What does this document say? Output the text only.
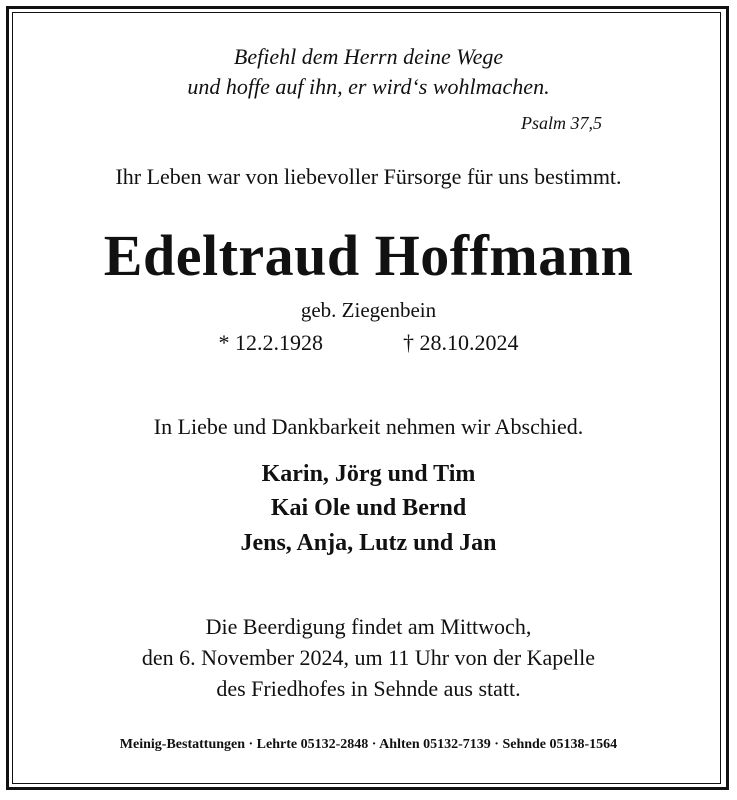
Befiehl dem Herrn deine Wege
und hoffe auf ihn, er wird‘s wohlmachen.
Psalm 37,5
Ihr Leben war von liebevoller Fürsorge für uns bestimmt.
Edeltraud Hoffmann
geb. Ziegenbein
* 12.2.1928	† 28.10.2024
In Liebe und Dankbarkeit nehmen wir Abschied.
Karin, Jörg und Tim
Kai Ole und Bernd
Jens, Anja, Lutz und Jan
Die Beerdigung findet am Mittwoch,
den 6. November 2024, um 11 Uhr von der Kapelle
des Friedhofes in Sehnde aus statt.
Meinig-Bestattungen · Lehrte 05132-2848 · Ahlten 05132-7139 · Sehnde 05138-1564
